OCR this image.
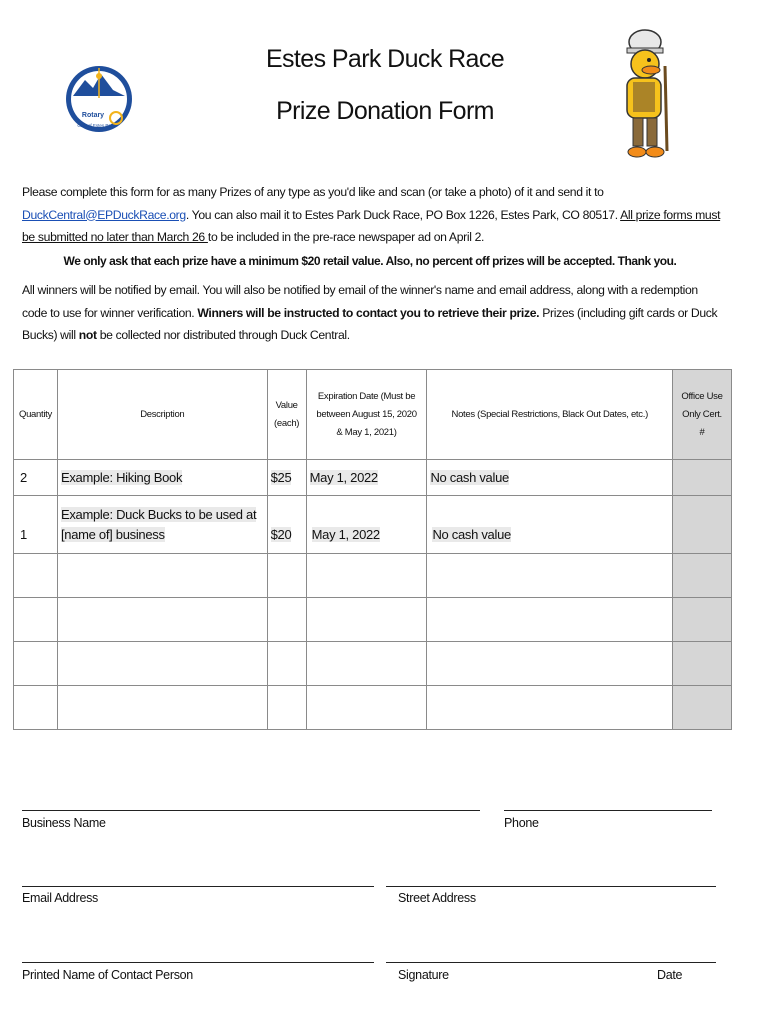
Rotary
Club of Estes Park
Estes Park Duck Race
Prize Donation Form
Please complete this form for as many Prizes of any type as you'd like and scan (or take a photo) of it and send it to DuckCentral@EPDuckRace.org. You can also mail it to Estes Park Duck Race, PO Box 1226, Estes Park, CO 80517. All prize forms must be submitted no later than March 26 to be included in the pre-race newspaper ad on April 2.
We only ask that each prize have a minimum $20 retail value. Also, no percent off prizes will be accepted. Thank you.
All winners will be notified by email. You will also be notified by email of the winner's name and email address, along with a redemption code to use for winner verification. Winners will be instructed to contact you to retrieve their prize. Prizes (including gift cards or Duck Bucks) will not be collected nor distributed through Duck Central.
Quantity	Description	Value (each)	Expiration Date (Must be between August 15, 2020 & May 1, 2021)	Notes (Special Restrictions, Black Out Dates, etc.)	Office Use Only Cert. #
2	Example: Hiking Book	$25	May 1, 2022	No cash value	
1	Example: Duck Bucks to be used at [name of] business	$20	May 1, 2022	No cash value	

Business Name	Phone
Email Address	Street Address
Printed Name of Contact Person	Signature	Date
